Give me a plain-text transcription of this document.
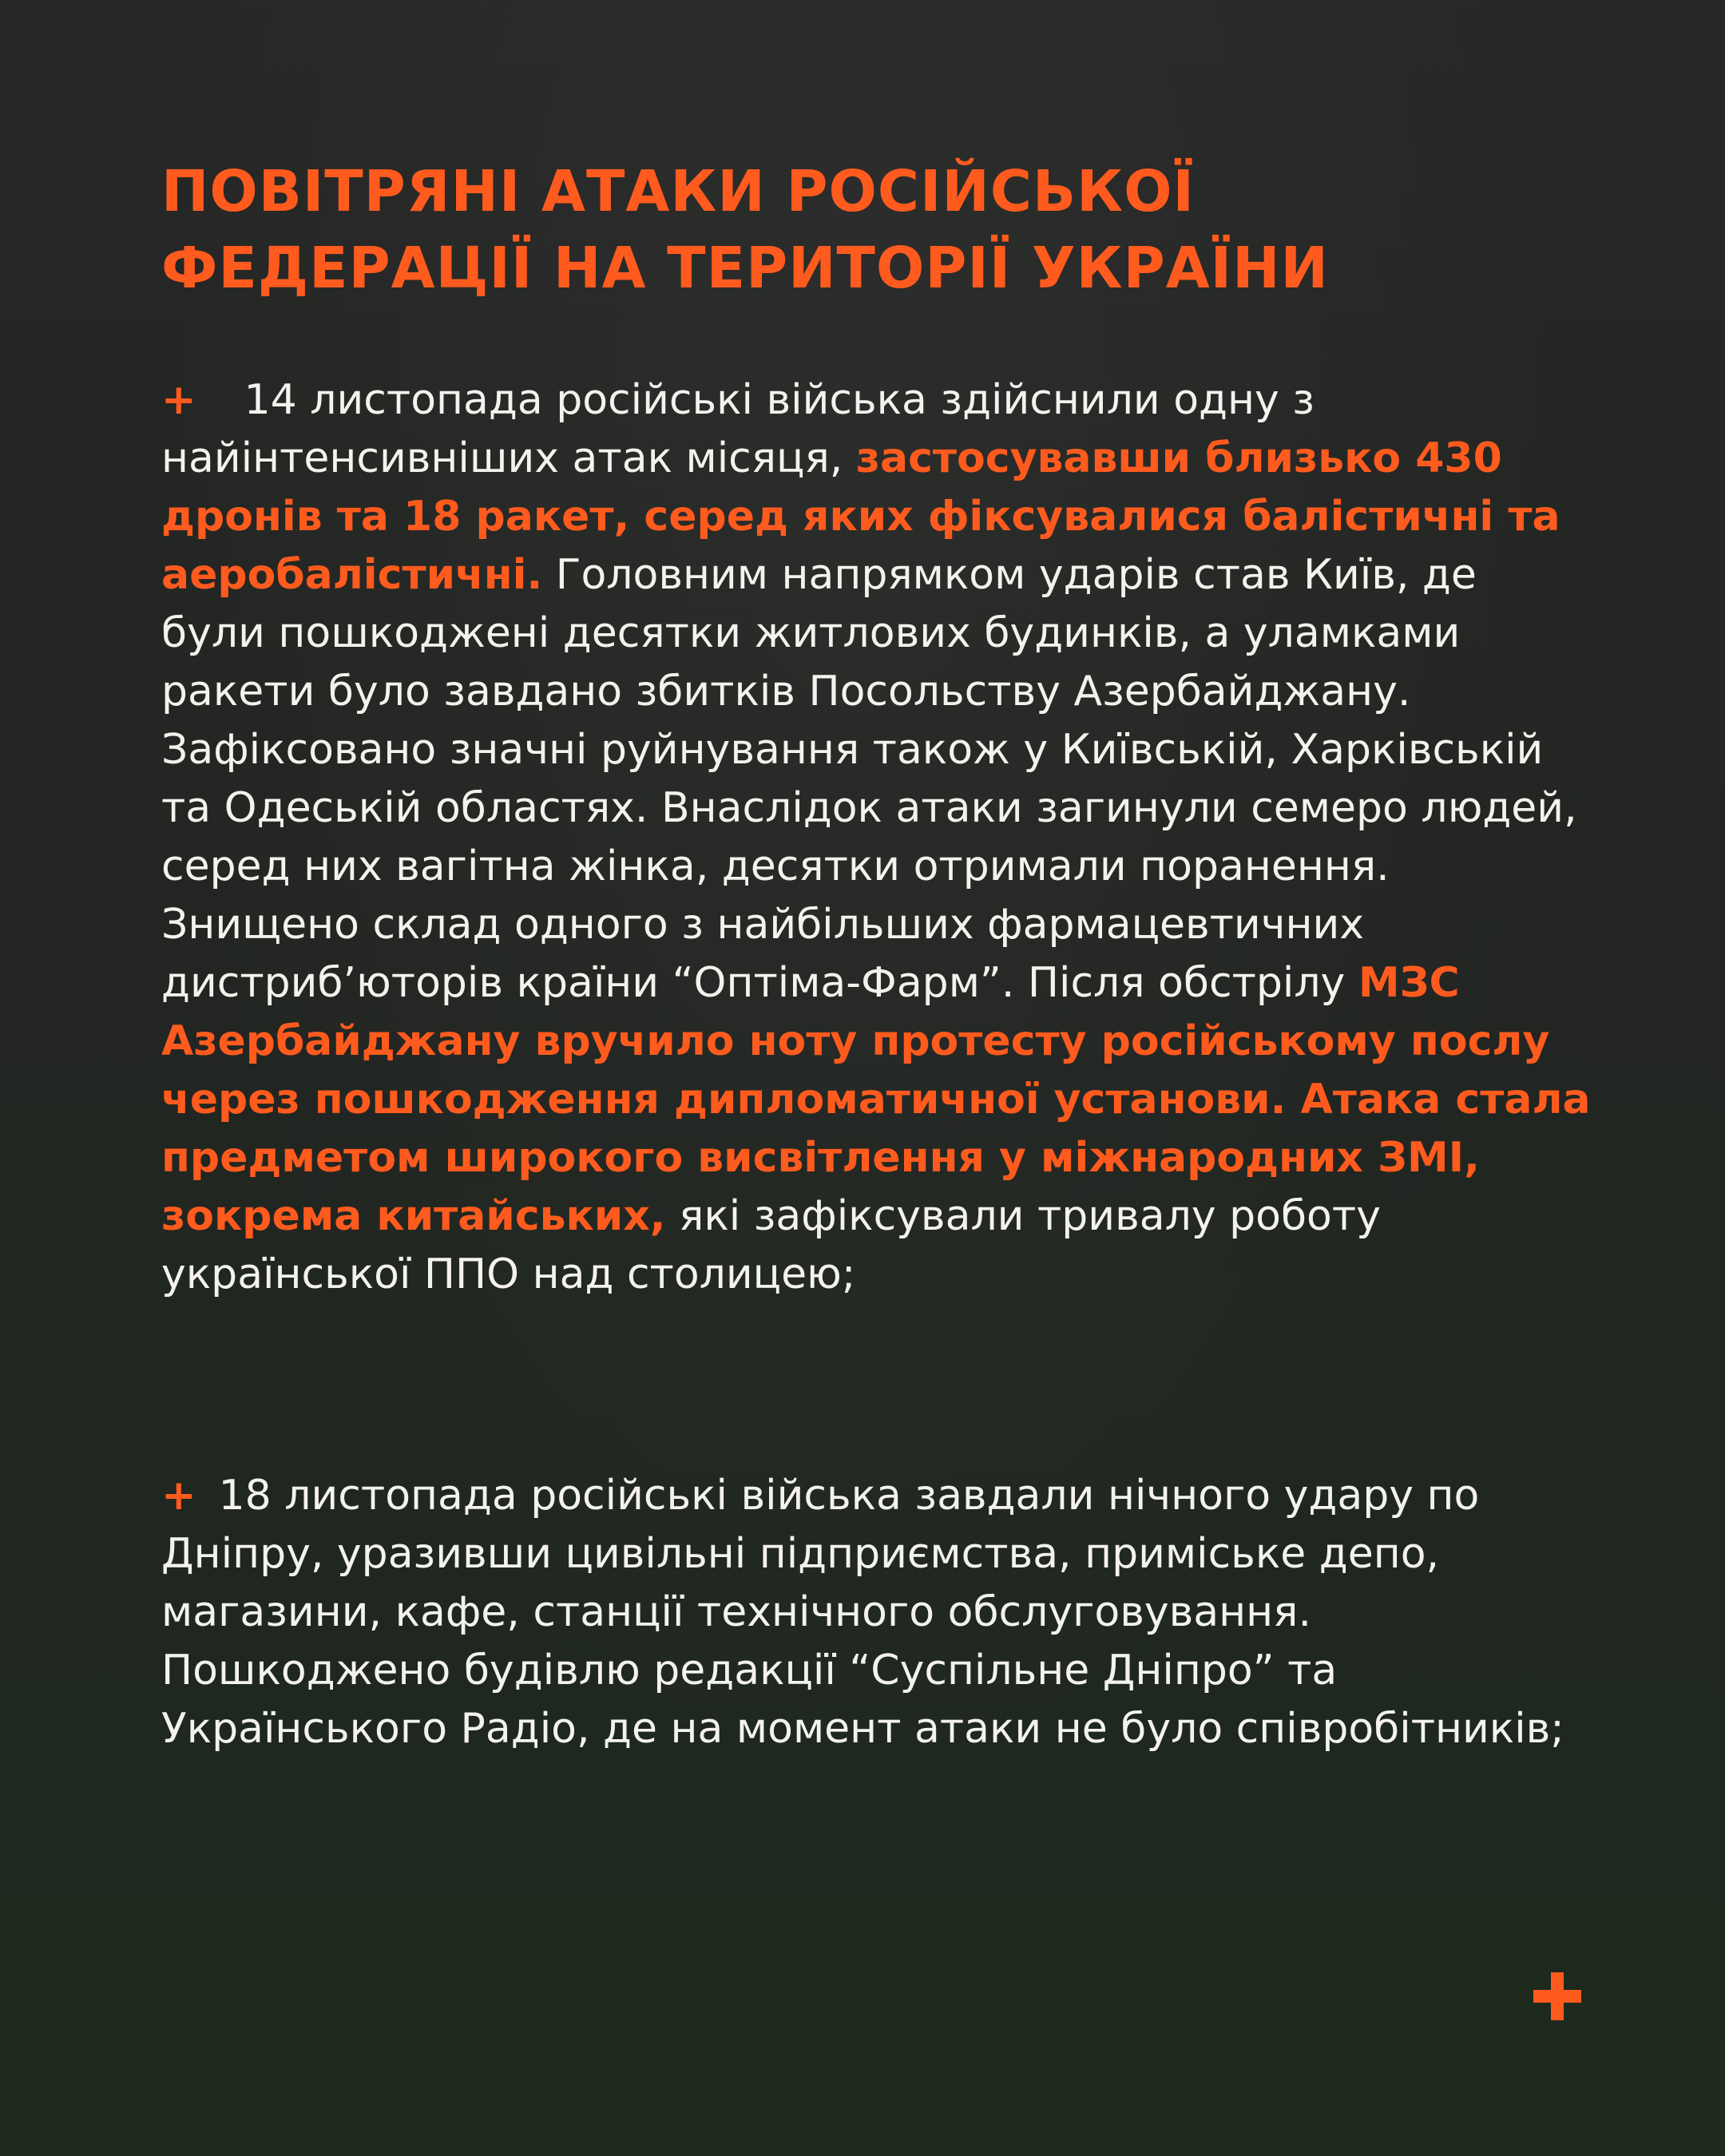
ПОВІТРЯНІ АТАКИ РОСІЙСЬКОЇ
ФЕДЕРАЦІЇ НА ТЕРИТОРІЇ УКРАЇНИ

+ 14 листопада російські війська здійснили одну з найінтенсивніших атак місяця, застосувавши близько 430 дронів та 18 ракет, серед яких фіксувалися балістичні та аеробалістичні. Головним напрямком ударів став Київ, де були пошкоджені десятки житлових будинків, а уламками ракети було завдано збитків Посольству Азербайджану. Зафіксовано значні руйнування також у Київській, Харківській та Одеській областях. Внаслідок атаки загинули семеро людей, серед них вагітна жінка, десятки отримали поранення. Знищено склад одного з найбільших фармацевтичних дистриб’юторів країни “Оптіма-Фарм”. Після обстрілу МЗС Азербайджану вручило ноту протесту російському послу через пошкодження дипломатичної установи. Атака стала предметом широкого висвітлення у міжнародних ЗМІ, зокрема китайських, які зафіксували тривалу роботу української ППО над столицею;

+ 18 листопада російські війська завдали нічного удару по Дніпру, уразивши цивільні підприємства, приміське депо, магазини, кафе, станції технічного обслуговування. Пошкоджено будівлю редакції “Суспільне Дніпро” та Українського Радіо, де на момент атаки не було співробітників;
